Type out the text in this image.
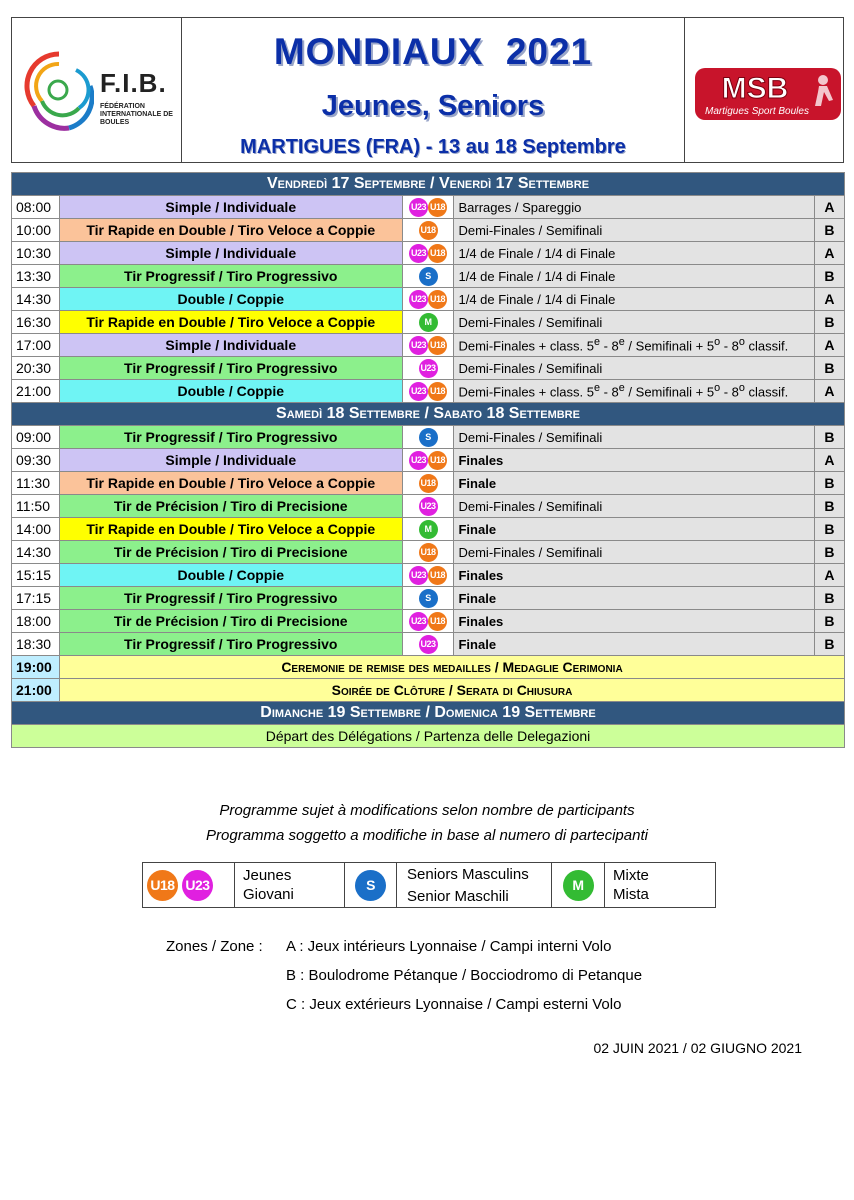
F.I.B.
FÉDÉRATION INTERNATIONALE DE BOULES
MONDIAUX  2021
Jeunes, Seniors
MARTIGUES (FRA) - 13 au 18 Septembre
MSB
Martigues Sport Boules
Vendredì 17 Septembre / Venerdì 17 Settembre				
08:00	Simple / Individuale	U23 U18	Barrages / Spareggio	A
10:00	Tir Rapide en Double / Tiro Veloce a Coppie	U18	Demi-Finales / Semifinali	B
10:30	Simple / Individuale	U23 U18	1/4 de Finale / 1/4 di Finale	A
13:30	Tir Progressif / Tiro Progressivo	S	1/4 de Finale / 1/4 di Finale	B
14:30	Double / Coppie	U23 U18	1/4 de Finale / 1/4 di Finale	A
16:30	Tir Rapide en Double / Tiro Veloce a Coppie	M	Demi-Finales / Semifinali	B
17:00	Simple / Individuale	U23 U18	Demi-Finales + class. 5e - 8e / Semifinali + $5^o - 8^o$ classif.	A
20:30	Tir Progressif / Tiro Progressivo	U23	Demi-Finales / Semifinali	B
21:00	Double / Coppie	U23 U18	Demi-Finales + class. 5e - 8e / Semifinali + $5^o - 8^o$ classif.	A
Samedì 18 Settembre / Sabato 18 Settembre				
09:00	Tir Progressif / Tiro Progressivo	S	Demi-Finales / Semifinali	B
09:30	Simple / Individuale	U23 U18	Finales	A
11:30	Tir Rapide en Double / Tiro Veloce a Coppie	U18	Finale	B
11:50	Tir de Précision / Tiro di Precisione	U23	Demi-Finales / Semifinali	B
14:00	Tir Rapide en Double / Tiro Veloce a Coppie	M	Finale	B
14:30	Tir de Précision / Tiro di Precisione	U18	Demi-Finales / Semifinali	B
15:15	Double / Coppie	U23 U18	Finales	A
17:15	Tir Progressif / Tiro Progressivo	S	Finale	B
18:00	Tir de Précision / Tiro di Precisione	U23 U18	Finales	B
18:30	Tir Progressif / Tiro Progressivo	U23	Finale	B
19:00	Ceremonie de remise des medailles / Medaglie Cerimonia			
21:00	Soirée de Clôture / Serata di Chiusura			
Dimanche 19 Settembre / Domenica 19 Settembre				
Départ des Délégations / Partenza delle Delegazioni				
Programme sujet à modifications selon nombre de participants
Programma soggetto a modifiche in base al numero di partecipanti
U18 U23
Jeunes
Giovani
S
Seniors Masculins
Senior Maschili
M
Mixte
Mista
Zones / Zone :	A : Jeux intérieurs Lyonnaise / Campi interni Volo
B : Boulodrome Pétanque / Bocciodromo di Petanque
C : Jeux extérieurs Lyonnaise / Campi esterni Volo
02 JUIN 2021 / 02 GIUGNO 2021
